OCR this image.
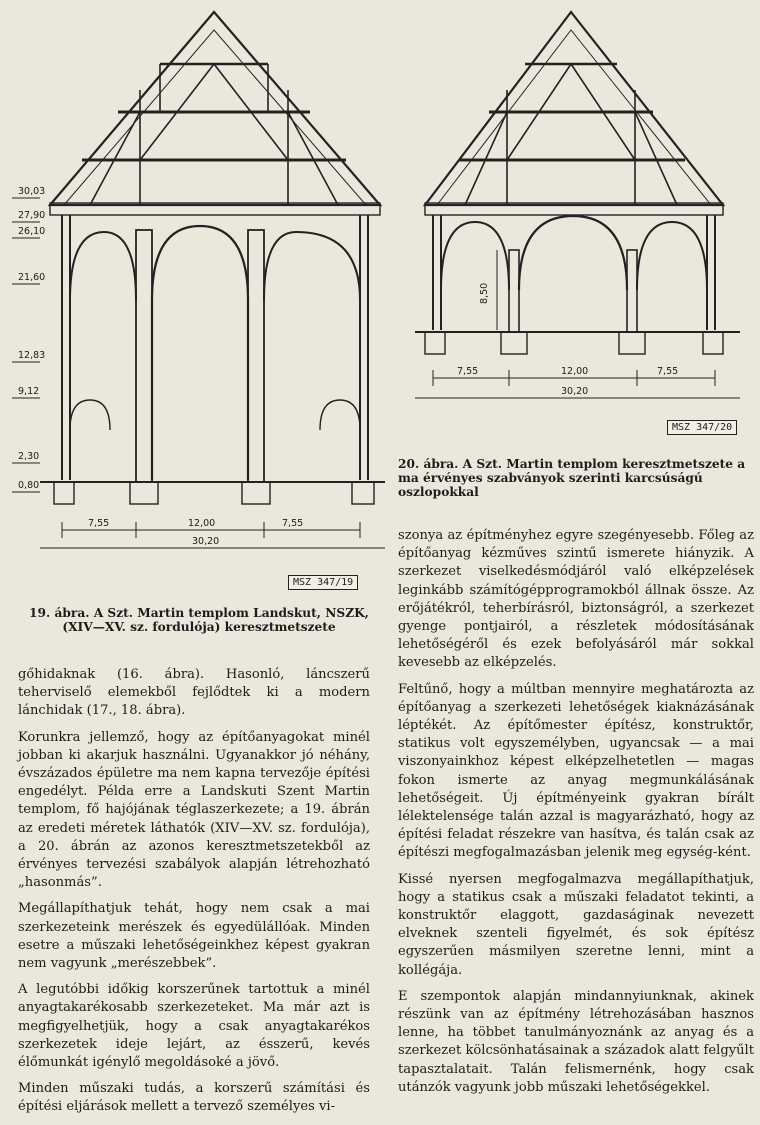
30,03
27,90
26,10
21,60
12,83
9,12
2,30
0,80
7,55	12,00	7,55
30,20
MSZ 347/19
19. ábra. A Szt. Martin templom Landskut, NSZK, (XIV—XV. sz. fordulója) keresztmetszete
8,50
7,55	12,00	7,55
30,20
MSZ 347/20
20. ábra. A Szt. Martin templom keresztmetszete a ma érvényes szabványok szerinti karcsúságú oszlopokkal

gőhidaknak (16. ábra). Hasonló, láncszerű teherviselő elemekből fejlődtek ki a modern lánchidak (17., 18. ábra).

Korunkra jellemző, hogy az építőanyagokat minél jobban ki akarjuk használni. Ugyanakkor jó néhány, évszázados épületre ma nem kapna tervezője építési engedélyt. Példa erre a Landskuti Szent Martin templom, fő hajójának téglaszerkezete; a 19. ábrán az eredeti méretek láthatók (XIV—XV. sz. fordulója), a 20. ábrán az azonos keresztmetszetekből az érvényes tervezési szabályok alapján létrehozható „hasonmás”.

Megállapíthatjuk tehát, hogy nem csak a mai szerkezeteink merészek és egyedülállóak. Minden esetre a műszaki lehetőségeinkhez képest gyakran nem vagyunk „merészebbek”.

A legutóbbi időkig korszerűnek tartottuk a minél anyagtakarékosabb szerkezeteket. Ma már azt is megfigyelhetjük, hogy a csak anyagtakarékos szerkezetek ideje lejárt, az ésszerű, kevés élőmunkát igénylő megoldásoké a jövő.

Minden műszaki tudás, a korszerű számítási és építési eljárások mellett a tervező személyes vi-

szonya az építményhez egyre szegényesebb. Főleg az építőanyag kézműves szintű ismerete hiányzik. A szerkezet viselkedésmódjáról való elképzelések leginkább számítógépprogramokból állnak össze. Az erőjátékról, teherbírásról, biztonságról, a szerkezet gyenge pontjairól, a részletek módosításának lehetőségéről és ezek befolyásáról már sokkal kevesebb az elképzelés.

Feltűnő, hogy a múltban mennyire meghatározta az építőanyag a szerkezeti lehetőségek kiaknázásának léptékét. Az építőmester építész, konstruktőr, statikus volt egyszemélyben, ugyancsak — a mai viszonyainkhoz képest elképzelhetetlen — magas fokon ismerte az anyag megmunkálásának lehetőségeit. Új építményeink gyakran bírált lélektelensége talán azzal is magyarázható, hogy az építési feladat részekre van hasítva, és talán csak az építészi megfogalmazásban jelenik meg egység-ként.

Kissé nyersen megfogalmazva megállapíthatjuk, hogy a statikus csak a műszaki feladatot tekinti, a konstruktőr elaggott, gazdaságinak nevezett elveknek szenteli figyelmét, és sok építész egyszerűen másmilyen szeretne lenni, mint a kollégája.

E szempontok alapján mindannyiunknak, akinek részünk van az építmény létrehozásában hasznos lenne, ha többet tanulmányoznánk az anyag és a szerkezet kölcsönhatásainak a századok alatt felgyűlt tapasztalatait. Talán felismernénk, hogy csak utánzók vagyunk jobb műszaki lehetőségekkel.
